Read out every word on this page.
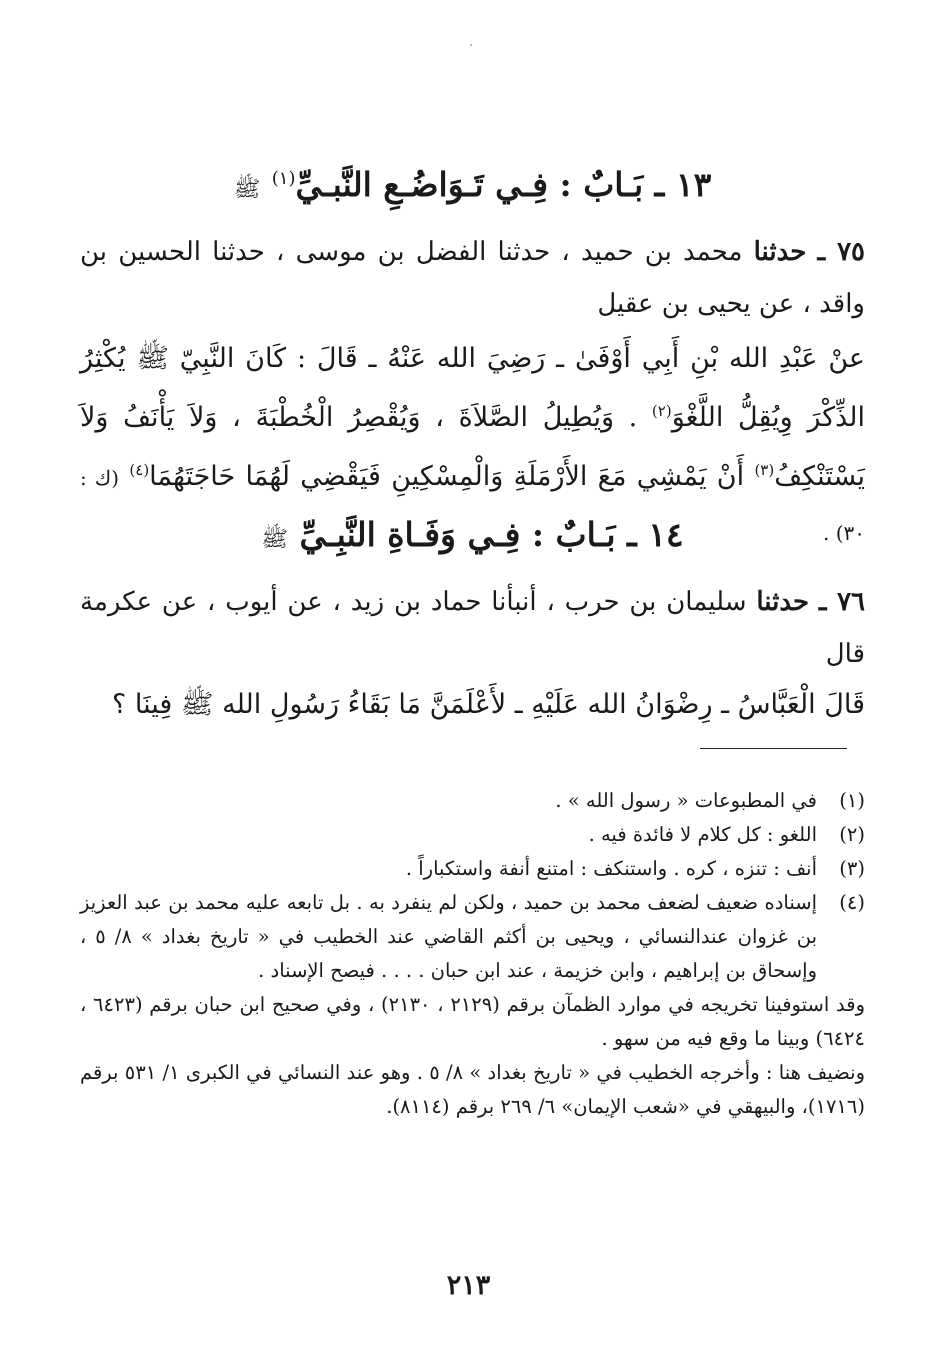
١٣ ـ بَـابٌ : فِـي تَـوَاضُـعِ النَّبـيِّ$^{(١)}$ ﷺ
٧٥ ـ حدثنا محمد بن حميد ، حدثنا الفضل بن موسى ، حدثنا الحسين بن واقد ، عن يحيى بن عقيل
عنْ عَبْدِ الله بْنِ أَبِي أَوْفَىٰ ـ رَضِيَ الله عَنْهُ ـ قَالَ : كَانَ النَّبِيّ ﷺ يُكْثِرُ الذِّكْرَ وِيُقِلُّ اللَّغْوَ$^{(٢)}$ . وَيُطِيلُ الصَّلاَةَ ، وَيُقْصِرُ الْخُطْبَةَ ، وَلاَ يَأْنَفُ وَلاَ يَسْتَنْكِفُ$^{(٣)}$ أَنْ يَمْشِي مَعَ الأَرْمَلَةِ وَالْمِسْكِينِ فَيَقْضِي لَهُمَا حَاجَتَهُمَا$^{(٤)}$ (ك : ٣٠) .
١٤ ـ بَـابٌ : فِـي وَفَـاةِ النَّبِـيِّ ﷺ
٧٦ ـ حدثنا سليمان بن حرب ، أنبأنا حماد بن زيد ، عن أيوب ، عن عكرمة قال
قَالَ الْعَبَّاسُ ـ رِضْوَانُ الله عَلَيْهِ ـ لأَعْلَمَنَّ مَا بَقَاءُ رَسُولِ الله ﷺ فِينَا ؟
(١)
في المطبوعات « رسول الله » .
(٢)
اللغو : كل كلام لا فائدة فيه .
(٣)
أنف : تنزه ، كره . واستنكف : امتنع أنفة واستكباراً .
(٤)
إسناده ضعيف لضعف محمد بن حميد ، ولكن لم ينفرد به . بل تابعه عليه محمد بن عبد العزيز بن غزوان عندالنسائي ، ويحيى بن أكثم القاضي عند الخطيب في « تاريخ بغداد » ٨/ ٥ ، وإسحاق بن إبراهيم ، وابن خزيمة ، عند ابن حبان . . . . فيصح الإسناد .
وقد استوفينا تخريجه في موارد الظمآن برقم (٢١٢٩ ، ٢١٣٠) ، وفي صحيح ابن حبان برقم (٦٤٢٣ ، ٦٤٢٤) وبينا ما وقع فيه من سهو .
ونضيف هنا : وأخرجه الخطيب في « تاريخ بغداد » ٨/ ٥ . وهو عند النسائي في الكبرى ١/ ٥٣١ برقم (١٧١٦)، والبيهقي في «شعب الإيمان» ٦/ ٢٦٩ برقم (٨١١٤).
٢١٣
